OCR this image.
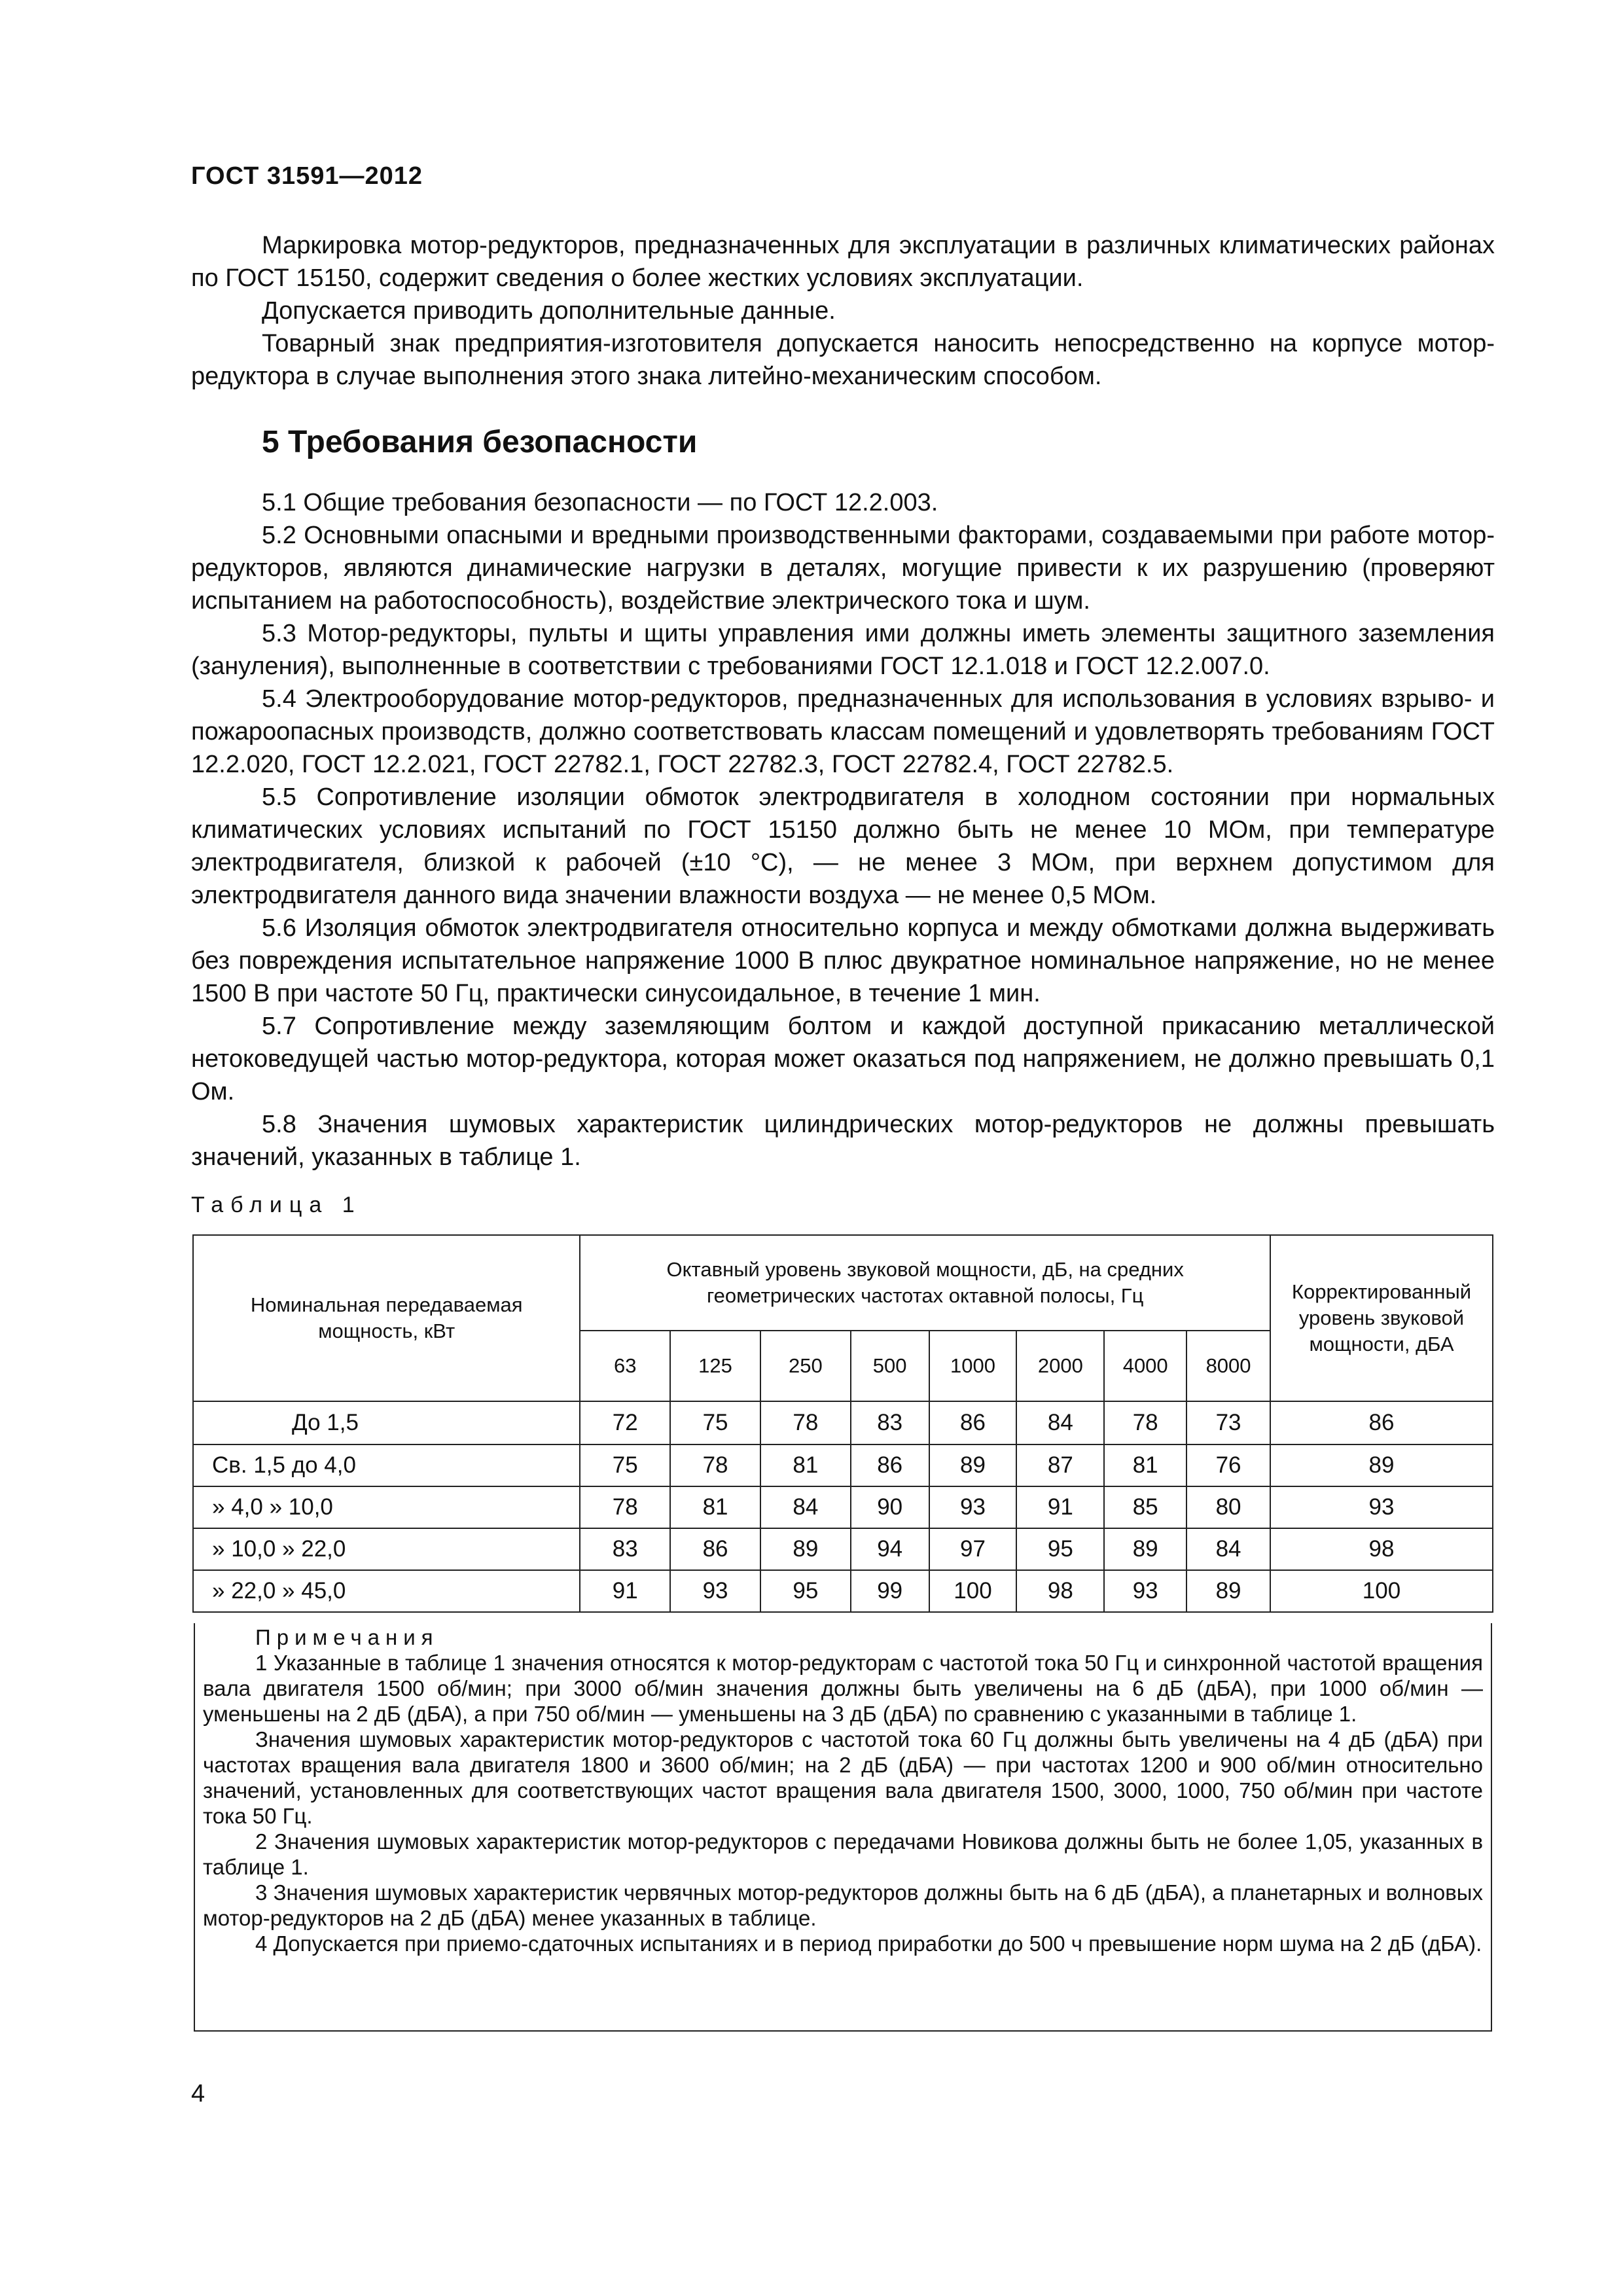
ГОСТ 31591—2012

Маркировка мотор-редукторов, предназначенных для эксплуатации в различных климатических районах по ГОСТ 15150, содержит сведения о более жестких условиях эксплуатации.

Допускается приводить дополнительные данные.

Товарный знак предприятия-изготовителя допускается наносить непосредственно на корпусе мотор-редуктора в случае выполнения этого знака литейно-механическим способом.

5 Требования безопасности

5.1 Общие требования безопасности — по ГОСТ 12.2.003.

5.2 Основными опасными и вредными производственными факторами, создаваемыми при работе мотор-редукторов, являются динамические нагрузки в деталях, могущие привести к их разрушению (проверяют испытанием на работоспособность), воздействие электрического тока и шум.

5.3 Мотор-редукторы, пульты и щиты управления ими должны иметь элементы защитного заземления (зануления), выполненные в соответствии с требованиями ГОСТ 12.1.018 и ГОСТ 12.2.007.0.

5.4 Электрооборудование мотор-редукторов, предназначенных для использования в условиях взрыво- и пожароопасных производств, должно соответствовать классам помещений и удовлетворять требованиям ГОСТ 12.2.020, ГОСТ 12.2.021, ГОСТ 22782.1, ГОСТ 22782.3, ГОСТ 22782.4, ГОСТ 22782.5.

5.5 Сопротивление изоляции обмоток электродвигателя в холодном состоянии при нормальных климатических условиях испытаний по ГОСТ 15150 должно быть не менее 10 МОм, при температуре электродвигателя, близкой к рабочей (±10 °С), — не менее 3 МОм, при верхнем допустимом для электродвигателя данного вида значении влажности воздуха — не менее 0,5 МОм.

5.6 Изоляция обмоток электродвигателя относительно корпуса и между обмотками должна выдерживать без повреждения испытательное напряжение 1000 В плюс двукратное номинальное напряжение, но не менее 1500 В при частоте 50 Гц, практически синусоидальное, в течение 1 мин.

5.7 Сопротивление между заземляющим болтом и каждой доступной прикасанию металлической нетоковедущей частью мотор-редуктора, которая может оказаться под напряжением, не должно превышать 0,1 Ом.

5.8 Значения шумовых характеристик цилиндрических мотор-редукторов не должны превышать значений, указанных в таблице 1.

Таблица 1
Номинальная передаваемая мощность, кВт	Октавный уровень звуковой мощности, дБ, на средних геометрических частотах октавной полосы, Гц								Корректированный уровень звуковой мощности, дБА
	63	125	250	500	1000	2000	4000	8000	
До 1,5	72	75	78	83	86	84	78	73	86
Св. 1,5 до 4,0	75	78	81	86	89	87	81	76	89
» 4,0 » 10,0	78	81	84	90	93	91	85	80	93
» 10,0 » 22,0	83	86	89	94	97	95	89	84	98
» 22,0 » 45,0	91	93	95	99	100	98	93	89	100

Примечания

1 Указанные в таблице 1 значения относятся к мотор-редукторам с частотой тока 50 Гц и синхронной частотой вращения вала двигателя 1500 об/мин; при 3000 об/мин значения должны быть увеличены на 6 дБ (дБА), при 1000 об/мин — уменьшены на 2 дБ (дБА), а при 750 об/мин — уменьшены на 3 дБ (дБА) по сравнению с указанными в таблице 1.

Значения шумовых характеристик мотор-редукторов с частотой тока 60 Гц должны быть увеличены на 4 дБ (дБА) при частотах вращения вала двигателя 1800 и 3600 об/мин; на 2 дБ (дБА) — при частотах 1200 и 900 об/мин относительно значений, установленных для соответствующих частот вращения вала двигателя 1500, 3000, 1000, 750 об/мин при частоте тока 50 Гц.

2 Значения шумовых характеристик мотор-редукторов с передачами Новикова должны быть не более 1,05, указанных в таблице 1.

3 Значения шумовых характеристик червячных мотор-редукторов должны быть на 6 дБ (дБА), а планетарных и волновых мотор-редукторов на 2 дБ (дБА) менее указанных в таблице.

4 Допускается при приемо-сдаточных испытаниях и в период приработки до 500 ч превышение норм шума на 2 дБ (дБА).

4
